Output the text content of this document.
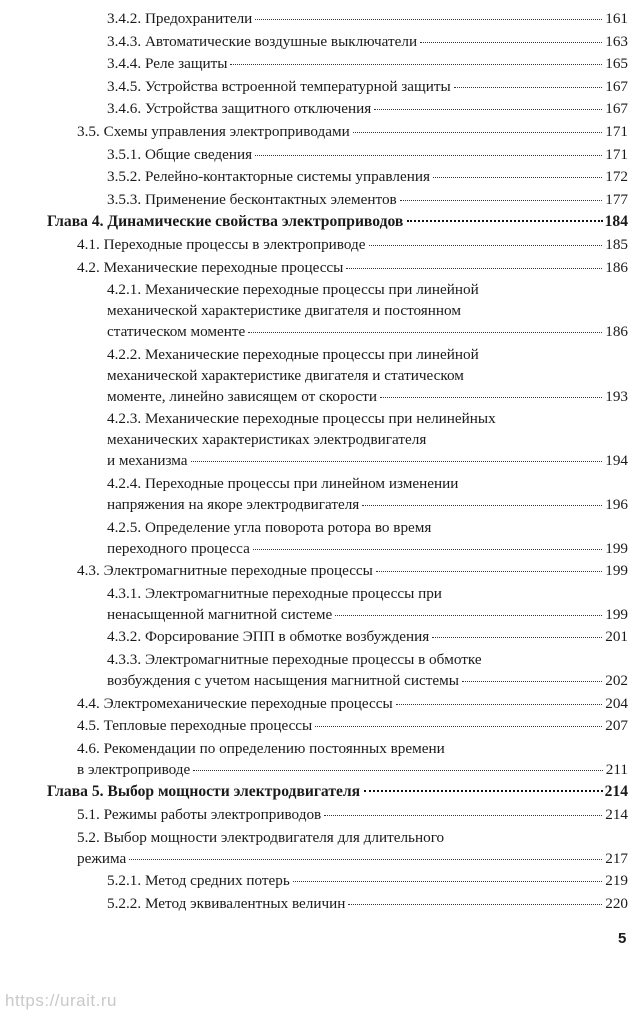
3.4.2. Предохранители	161
3.4.3. Автоматические воздушные выключатели	163
3.4.4. Реле защиты	165
3.4.5. Устройства встроенной температурной защиты	167
3.4.6. Устройства защитного отключения	167
3.5. Схемы управления электроприводами	171
3.5.1. Общие сведения	171
3.5.2. Релейно-контакторные системы управления	172
3.5.3. Применение бесконтактных элементов	177
Глава 4. Динамические свойства электроприводов	184
4.1. Переходные процессы в электроприводе	185
4.2. Механические переходные процессы	186
4.2.1. Механические переходные процессы при линейной
механической характеристике двигателя и постоянном
статическом моменте	186
4.2.2. Механические переходные процессы при линейной
механической характеристике двигателя и статическом
моменте, линейно зависящем от скорости	193
4.2.3. Механические переходные процессы при нелинейных
механических характеристиках электродвигателя
и механизма	194
4.2.4. Переходные процессы при линейном изменении
напряжения на якоре электродвигателя	196
4.2.5. Определение угла поворота ротора во время
переходного процесса	199
4.3. Электромагнитные переходные процессы	199
4.3.1. Электромагнитные переходные процессы при
ненасыщенной магнитной системе	199
4.3.2. Форсирование ЭПП в обмотке возбуждения	201
4.3.3. Электромагнитные переходные процессы в обмотке
возбуждения с учетом насыщения магнитной системы	202
4.4. Электромеханические переходные процессы	204
4.5. Тепловые переходные процессы	207
4.6. Рекомендации по определению постоянных времени
в электроприводе	211
Глава 5. Выбор мощности электродвигателя	214
5.1. Режимы работы электроприводов	214
5.2. Выбор мощности электродвигателя для длительного
режима	217
5.2.1. Метод средних потерь	219
5.2.2. Метод эквивалентных величин	220
5
https://urait.ru
